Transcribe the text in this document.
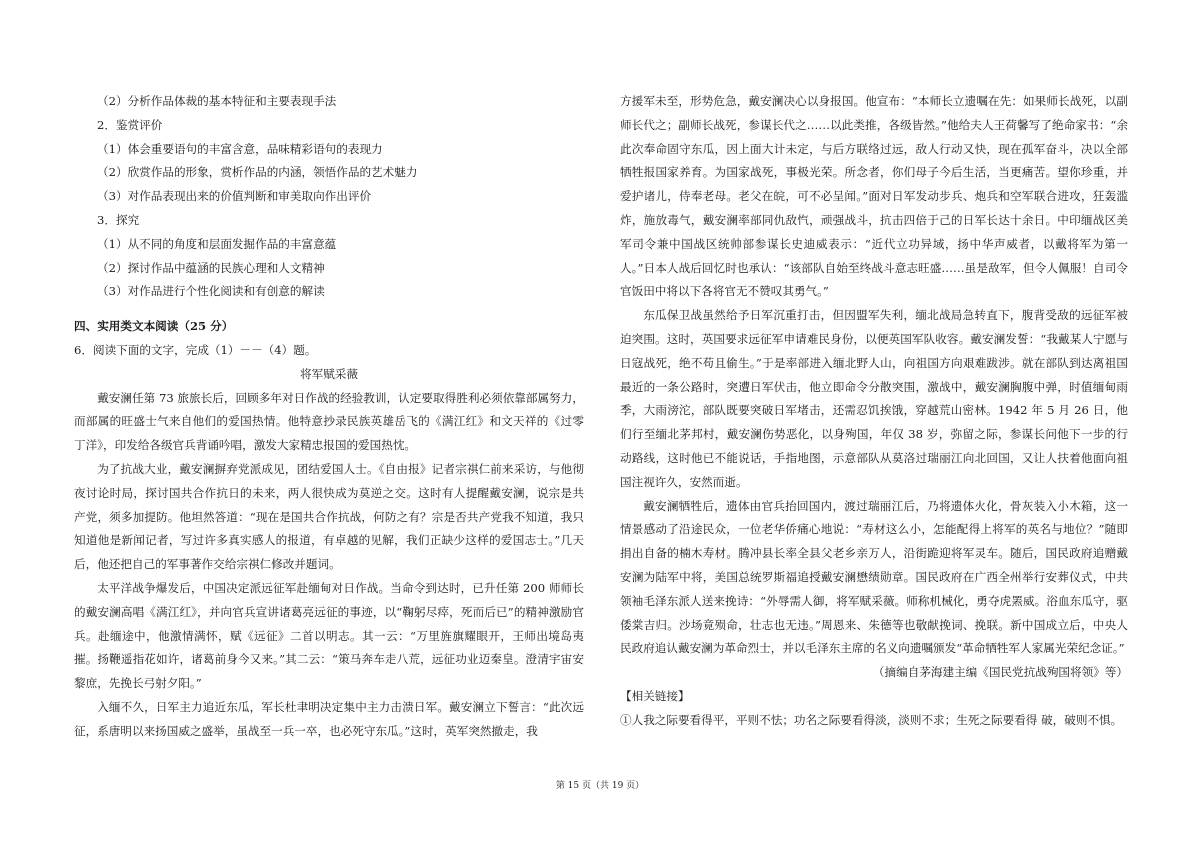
（2）分析作品体裁的基本特征和主要表现手法
2．鉴赏评价
（1）体会重要语句的丰富含意，品味精彩语句的表现力
（2）欣赏作品的形象，赏析作品的内涵，领悟作品的艺术魅力
（3）对作品表现出来的价值判断和审美取向作出评价
3．探究
（1）从不同的角度和层面发掘作品的丰富意蕴
（2）探讨作品中蕴涵的民族心理和人文精神
（3）对作品进行个性化阅读和有创意的解读
四、实用类文本阅读（25 分）
6．阅读下面的文字，完成（1）－－（4）题。
将军赋采薇

戴安澜任第 73 旅旅长后，回顾多年对日作战的经验教训，认定要取得胜利必须依靠部属努力，而部属的旺盛士气来自他们的爱国热情。他特意抄录民族英雄岳飞的《满江红》和文天祥的《过零丁洋》，印发给各级官兵背诵吟唱，激发大家精忠报国的爱国热忱。

为了抗战大业，戴安澜摒弃党派成见，团结爱国人士。《自由报》记者宗祺仁前来采访，与他彻夜讨论时局，探讨国共合作抗日的未来，两人很快成为莫逆之交。这时有人提醒戴安澜，说宗是共产党，须多加提防。他坦然答道：“现在是国共合作抗战，何防之有？宗是否共产党我不知道，我只知道他是新闻记者，写过许多真实感人的报道，有卓越的见解，我们正缺少这样的爱国志士。”几天后，他还把自己的军事著作交给宗祺仁修改并题词。

太平洋战争爆发后，中国决定派远征军赴缅甸对日作战。当命令到达时，已升任第 200 师师长的戴安澜高唱《满江红》，并向官兵宣讲诸葛亮远征的事迹，以“鞠躬尽瘁，死而后已”的精神激励官兵。赴缅途中，他激情满怀，赋《远征》二首以明志。其一云：“万里旌旗耀眼开，王师出境岛夷摧。扬鞭遥指花如许，诸葛前身今又来。”其二云：“策马奔车走八荒，远征功业迈秦皇。澄清宇宙安黎庶，先挽长弓射夕阳。”

入缅不久，日军主力追近东瓜，军长杜聿明决定集中主力击溃日军。戴安澜立下誓言：“此次远征，系唐明以来扬国威之盛举，虽战至一兵一卒，也必死守东瓜。”这时，英军突然撤走，我

方援军未至，形势危急，戴安澜决心以身报国。他宣布：“本师长立遗嘱在先：如果师长战死，以副师长代之；副师长战死，参谋长代之……以此类推，各级皆然。”他给夫人王荷馨写了绝命家书：“余此次奉命固守东瓜，因上面大计未定，与后方联络过远，敌人行动又快，现在孤军奋斗，决以全部牺牲报国家养育。为国家战死，事极光荣。所念者，你们母子今后生活，当更痛苦。望你珍重，并爱护诸儿，侍奉老母。老父在皖，可不必呈闻。”面对日军发动步兵、炮兵和空军联合进攻，狂轰滥炸，施放毒气，戴安澜率部同仇敌忾，顽强战斗，抗击四倍于己的日军长达十余日。中印缅战区美军司令兼中国战区统帅部参谋长史迪威表示：“近代立功异域，扬中华声威者，以戴将军为第一人。”日本人战后回忆时也承认：“该部队自始至终战斗意志旺盛……虽是敌军，但令人佩服！自司令官饭田中将以下各将官无不赞叹其勇气。”

东瓜保卫战虽然给予日军沉重打击，但因盟军失利，缅北战局急转直下，腹背受敌的远征军被迫突围。这时，英国要求远征军申请难民身份，以便英国军队收容。戴安澜发誓：“我戴某人宁愿与日寇战死，绝不苟且偷生。”于是率部进入缅北野人山，向祖国方向艰难跋涉。就在部队到达离祖国最近的一条公路时，突遭日军伏击，他立即命令分散突围，激战中，戴安澜胸腹中弹，时值缅甸雨季，大雨滂沱，部队既要突破日军堵击，还需忍饥挨饿，穿越荒山密林。1942 年 5 月 26 日，他们行至缅北茅邦村，戴安澜伤势恶化，以身殉国，年仅 38 岁，弥留之际，参谋长问他下一步的行动路线，这时他已不能说话，手指地图，示意部队从莫洛过瑞丽江向北回国，又让人扶着他面向祖国注视许久，安然而逝。

戴安澜牺牲后，遗体由官兵抬回国内，渡过瑞丽江后，乃将遗体火化，骨灰装入小木箱，这一情景感动了沿途民众，一位老华侨痛心地说：“寿材这么小，怎能配得上将军的英名与地位？”随即捐出自备的楠木寿材。腾冲县长率全县父老乡亲万人，沿街跪迎将军灵车。随后，国民政府追赠戴安澜为陆军中将，美国总统罗斯福追授戴安澜懋绩勋章。国民政府在广西全州举行安葬仪式，中共领袖毛泽东派人送来挽诗：“外辱需人御，将军赋采薇。师称机械化，勇夺虎罴威。浴血东瓜守，驱倭棠吉归。沙场竟殒命，壮志也无违。”周恩来、朱德等也敬献挽词、挽联。新中国成立后，中央人民政府追认戴安澜为革命烈士，并以毛泽东主席的名义向遗嘱颁发“革命牺牲军人家属光荣纪念证。”

（摘编自茅海建主编《国民党抗战殉国将领》等）
【相关链接】
①人我之际要看得平，平则不怯；功名之际要看得淡，淡则不求；生死之际要看得 破，破则不惧。
第 15 页（共 19 页）
